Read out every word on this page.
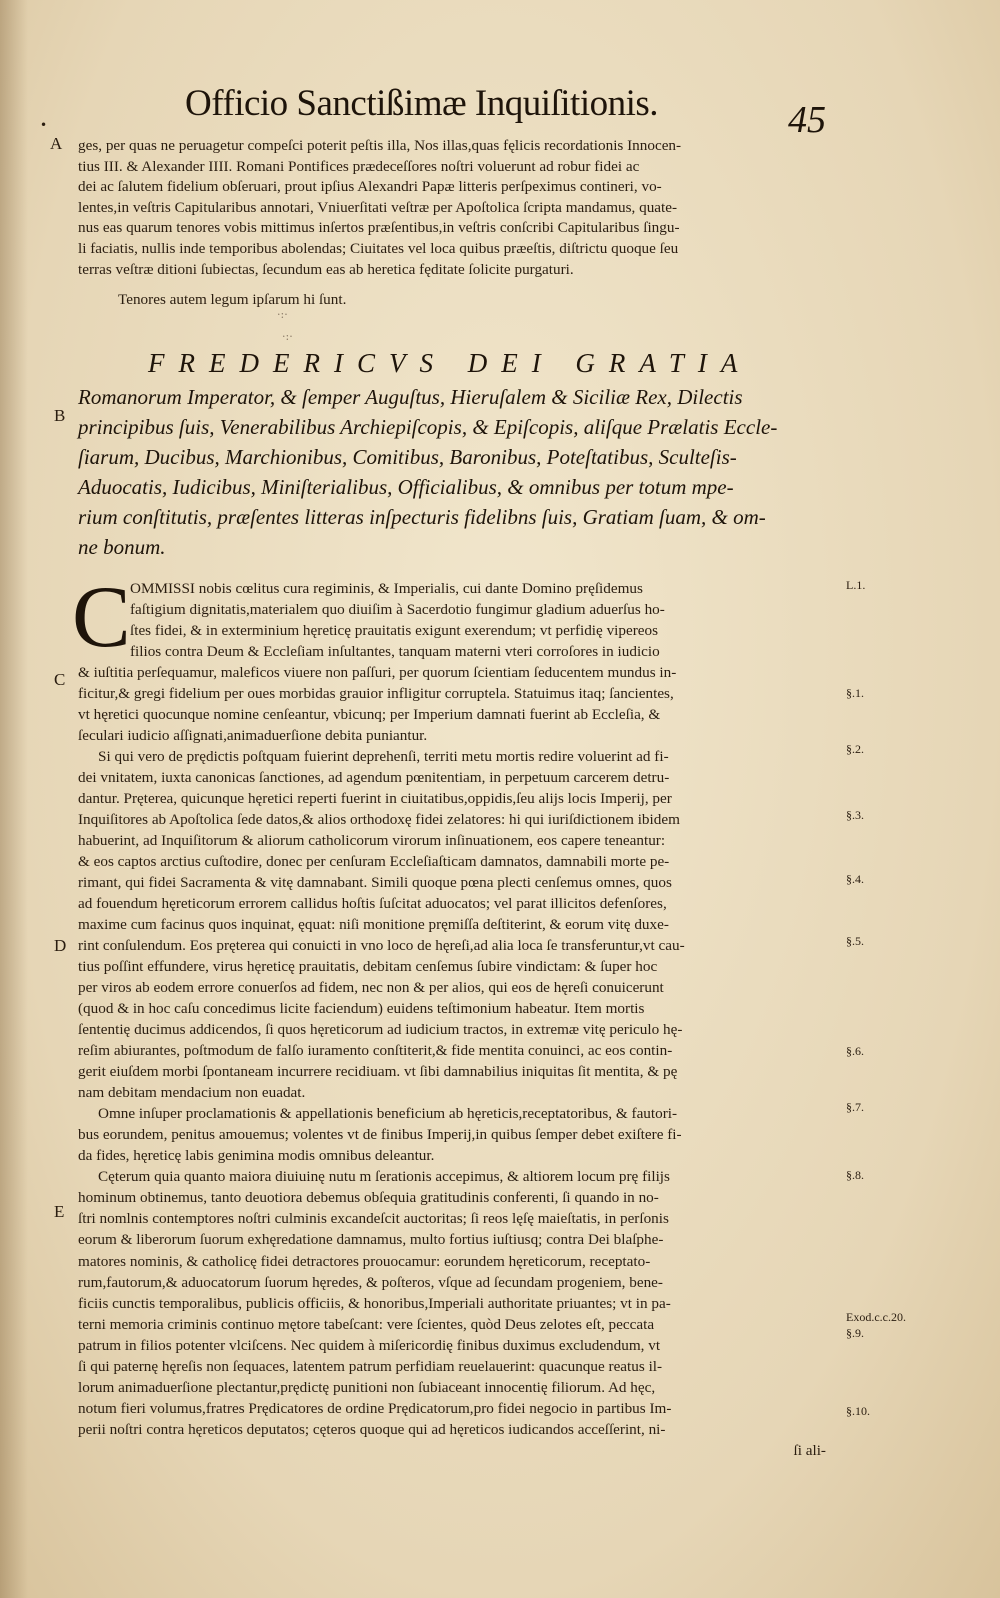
Officio Sanctißimæ Inquiſitionis.	45
•
ges, per quas ne peruagetur compeſci poterit peſtis illa, Nos illas,quas fęlicis recordationis Innocen-
tius III. & Alexander IIII. Romani Pontifices prædeceſſores noſtri voluerunt ad robur fidei ac
dei ac ſalutem fidelium obſeruari, prout ipſius Alexandri Papæ litteris perſpeximus contineri, vo-
lentes,in veſtris Capitularibus annotari, Vniuerſitati veſtræ per Apoſtolica ſcripta mandamus, quate-
nus eas quarum tenores vobis mittimus inſertos præſentibus,in veſtris conſcribi Capitularibus ſingu-
li faciatis, nullis inde temporibus abolendas; Ciuitates vel loca quibus præeſtis, diſtrictu quoque ſeu
terras veſtræ ditioni ſubiectas, ſecundum eas ab heretica fęditate ſolicite purgaturi.
Tenores autem legum ipſarum hi ſunt.
·:·
·:·
FREDERICVS DEI GRATIA
Romanorum Imperator, & ſemper Auguſtus, Hieruſalem & Siciliæ Rex, Dilectis
principibus ſuis, Venerabilibus Archiepiſcopis, & Epiſcopis, aliſque Prælatis Eccle-
ſiarum, Ducibus, Marchionibus, Comitibus, Baronibus, Poteſtatibus, Sculteſis-
Aduocatis, Iudicibus, Miniſterialibus, Officialibus, & omnibus per totum mpe-
rium conſtitutis, præſentes litteras inſpecturis fidelibns ſuis, Gratiam ſuam, & om-
ne bonum.
C OMMISSI nobis cœlitus cura regiminis, & Imperialis, cui dante Domino pręſidemus
faſtigium dignitatis,materialem quo diuiſim à Sacerdotio fungimur gladium aduerſus ho-
ſtes fidei, & in exterminium hęreticę prauitatis exigunt exerendum; vt perfidię vipereos
filios contra Deum & Eccleſiam inſultantes, tanquam materni vteri corroſores in iudicio
& iuſtitia perſequamur, maleficos viuere non paſſuri, per quorum ſcientiam ſeducentem mundus in-
ficitur,& gregi fidelium per oues morbidas grauior infligitur corruptela. Statuimus itaq; ſancientes,
vt hęretici quocunque nomine cenſeantur, vbicunq; per Imperium damnati fuerint ab Eccleſia, &
ſeculari iudicio aſſignati,animaduerſione debita puniantur.
Si qui vero de prędictis poſtquam fuierint deprehenſi, territi metu mortis redire voluerint ad fi-
dei vnitatem, iuxta canonicas ſanctiones, ad agendum pœnitentiam, in perpetuum carcerem detru-
dantur. Pręterea, quicunque hęretici reperti fuerint in ciuitatibus,oppidis,ſeu alijs locis Imperij, per
Inquiſitores ab Apoſtolica ſede datos,& alios orthodoxę fidei zelatores: hi qui iuriſdictionem ibidem
habuerint, ad Inquiſitorum & aliorum catholicorum virorum inſinuationem, eos capere teneantur:
& eos captos arctius cuſtodire, donec per cenſuram Eccleſiaſticam damnatos, damnabili morte pe-
rimant, qui fidei Sacramenta & vitę damnabant. Simili quoque pœna plecti cenſemus omnes, quos
ad fouendum hęreticorum errorem callidus hoſtis ſuſcitat aduocatos; vel parat illicitos defenſores,
maxime cum facinus quos inquinat, ęquat: niſi monitione pręmiſſa deſtiterint, & eorum vitę duxe-
rint conſulendum. Eos pręterea qui conuicti in vno loco de hęreſi,ad alia loca ſe transferuntur,vt cau-
tius poſſint effundere, virus hęreticę prauitatis, debitam cenſemus ſubire vindictam: & ſuper hoc
per viros ab eodem errore conuerſos ad fidem, nec non & per alios, qui eos de hęreſi conuicerunt
(quod & in hoc caſu concedimus licite faciendum) euidens teſtimonium habeatur. Item mortis
ſententię ducimus addicendos, ſi quos hęreticorum ad iudicium tractos, in extremæ vitę periculo hę-
reſim abiurantes, poſtmodum de falſo iuramento conſtiterit,& fide mentita conuinci, ac eos contin-
gerit eiuſdem morbi ſpontaneam incurrere recidiuam. vt ſibi damnabilius iniquitas ſit mentita, & pę
nam debitam mendacium non euadat.
Omne inſuper proclamationis & appellationis beneficium ab hęreticis,receptatoribus, & fautori-
bus eorundem, penitus amouemus; volentes vt de finibus Imperij,in quibus ſemper debet exiſtere fi-
da fides, hęreticę labis genimina modis omnibus deleantur.
Cęterum quia quanto maiora diuiuinę nutu m ſerationis accepimus, & altiorem locum prę filijs
hominum obtinemus, tanto deuotiora debemus obſequia gratitudinis conferenti, ſi quando in no-
ſtri nomlnis contemptores noſtri culminis excandeſcit auctoritas; ſi reos lęſę maieſtatis, in perſonis
eorum & liberorum ſuorum exhęredatione damnamus, multo fortius iuſtiusq; contra Dei blaſphe-
matores nominis, & catholicę fidei detractores prouocamur: eorundem hęreticorum, receptato-
rum,fautorum,& aduocatorum ſuorum hęredes, & poſteros, vſque ad ſecundam progeniem, bene-
ficiis cunctis temporalibus, publicis officiis, & honoribus,Imperiali authoritate priuantes; vt in pa-
terni memoria criminis continuo mętore tabeſcant: vere ſcientes, quòd Deus zelotes eſt, peccata
patrum in filios potenter vlciſcens. Nec quidem à miſericordię finibus duximus excludendum, vt
ſi qui paternę hęreſis non ſequaces, latentem patrum perfidiam reuelauerint: quacunque reatus il-
lorum animaduerſione plectantur,prędictę punitioni non ſubiaceant innocentię filiorum. Ad hęc,
notum fieri volumus,fratres Prędicatores de ordine Prędicatorum,pro fidei negocio in partibus Im-
perii noſtri contra hęreticos deputatos; cęteros quoque qui ad hęreticos iudicandos acceſſerint, ni-
ſi ali-
A
B
C
D
E
L.1.
§.1.
§.2.
§.3.
§.4.
§.5.
§.6.
§.7.
§.8.
Exod.c.c.20.
§.9.
§.10.
